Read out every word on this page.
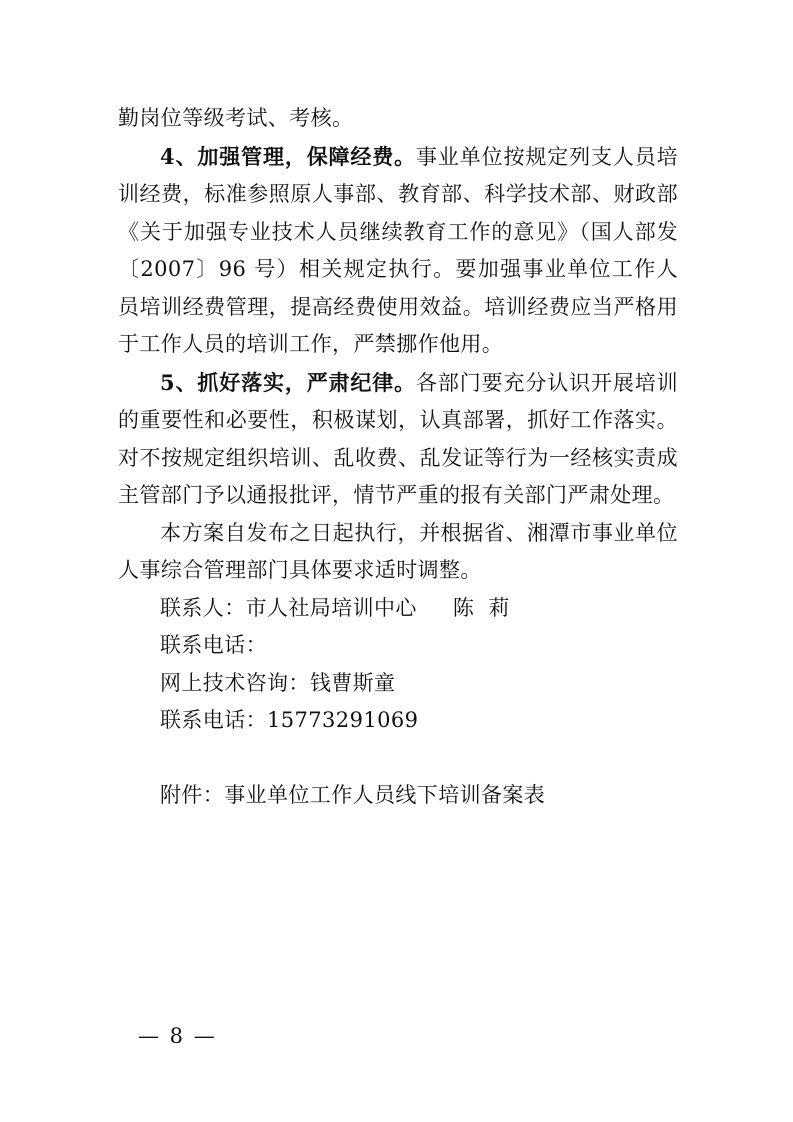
勤岗位等级考试、考核。

4、加强管理，保障经费。事业单位按规定列支人员培训经费，标准参照原人事部、教育部、科学技术部、财政部《关于加强专业技术人员继续教育工作的意见》（国人部发〔2007〕96 号）相关规定执行。要加强事业单位工作人员培训经费管理，提高经费使用效益。培训经费应当严格用于工作人员的培训工作，严禁挪作他用。

5、抓好落实，严肃纪律。各部门要充分认识开展培训的重要性和必要性，积极谋划，认真部署，抓好工作落实。对不按规定组织培训、乱收费、乱发证等行为一经核实责成主管部门予以通报批评，情节严重的报有关部门严肃处理。

本方案自发布之日起执行，并根据省、湘潭市事业单位人事综合管理部门具体要求适时调整。

联系人：市人社局培训中心 陈  莉

联系电话：

网上技术咨询：钱曹斯童

联系电话：15773291069

附件：事业单位工作人员线下培训备案表

— 8 —
